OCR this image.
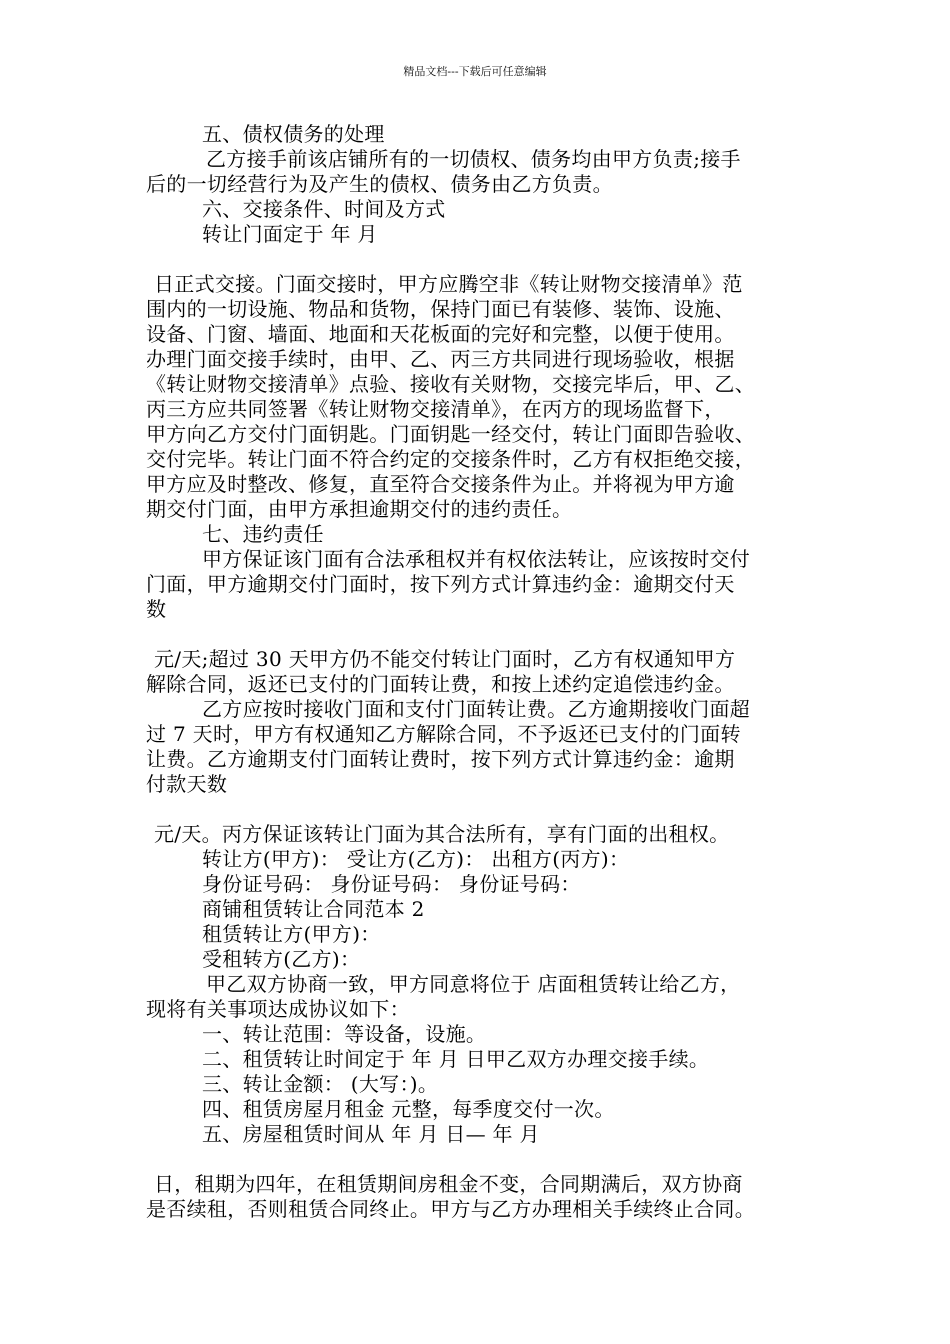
精品文档---下载后可任意编辑
五、债权债务的处理
乙方接手前该店铺所有的一切债权、债务均由甲方负责;接手
后的一切经营行为及产生的债权、债务由乙方负责。
六、交接条件、时间及方式
转让门面定于 年 月
日正式交接。门面交接时，甲方应腾空非《转让财物交接清单》范
围内的一切设施、物品和货物，保持门面已有装修、装饰、设施、
设备、门窗、墙面、地面和天花板面的完好和完整，以便于使用。
办理门面交接手续时，由甲、乙、丙三方共同进行现场验收，根据
《转让财物交接清单》点验、接收有关财物，交接完毕后，甲、乙、
丙三方应共同签署《转让财物交接清单》，在丙方的现场监督下，
甲方向乙方交付门面钥匙。门面钥匙一经交付，转让门面即告验收、
交付完毕。转让门面不符合约定的交接条件时，乙方有权拒绝交接，
甲方应及时整改、修复，直至符合交接条件为止。并将视为甲方逾
期交付门面，由甲方承担逾期交付的违约责任。
七、违约责任
甲方保证该门面有合法承租权并有权依法转让，应该按时交付
门面，甲方逾期交付门面时，按下列方式计算违约金：逾期交付天
数
元/天;超过 30 天甲方仍不能交付转让门面时，乙方有权通知甲方
解除合同，返还已支付的门面转让费，和按上述约定追偿违约金。
乙方应按时接收门面和支付门面转让费。乙方逾期接收门面超
过 7 天时，甲方有权通知乙方解除合同，不予返还已支付的门面转
让费。乙方逾期支付门面转让费时，按下列方式计算违约金：逾期
付款天数
元/天。丙方保证该转让门面为其合法所有，享有门面的出租权。
转让方(甲方)： 受让方(乙方)： 出租方(丙方)：
身份证号码： 身份证号码： 身份证号码：
商铺租赁转让合同范本 2
租赁转让方(甲方)：
受租转方(乙方)：
甲乙双方协商一致，甲方同意将位于 店面租赁转让给乙方，
现将有关事项达成协议如下：
一、转让范围：等设备，设施。
二、租赁转让时间定于 年 月 日甲乙双方办理交接手续。
三、转让金额： (大写：)。
四、租赁房屋月租金 元整，每季度交付一次。
五、房屋租赁时间从 年 月 日— 年 月
日，租期为四年，在租赁期间房租金不变，合同期满后，双方协商
是否续租，否则租赁合同终止。甲方与乙方办理相关手续终止合同。
